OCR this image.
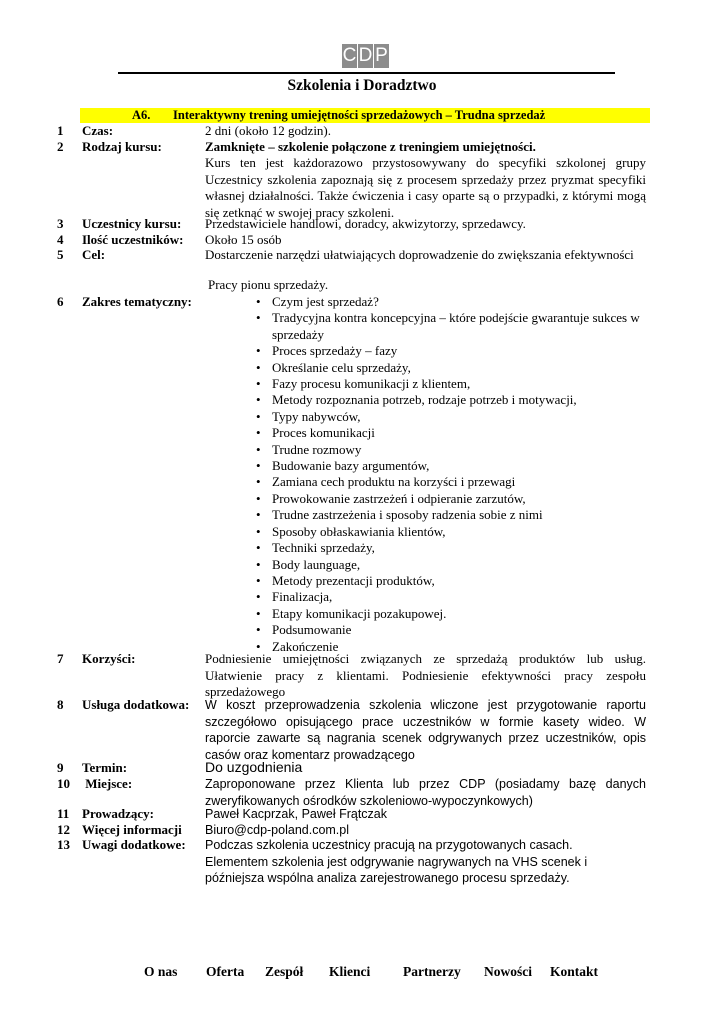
C D P
Szkolenia i Doradztwo
A6. Interaktywny trening umiejętności sprzedażowych – Trudna sprzedaż
1 Czas:	2 dni (około 12 godzin).
2 Rodzaj kursu:	Zamknięte – szkolenie połączone z treningiem umiejętności.
Kurs ten jest każdorazowo przystosowywany do specyfiki szkolonej grupy Uczestnicy szkolenia zapoznają się z procesem sprzedaży przez pryzmat specyfiki własnej działalności. Także ćwiczenia i casy oparte są o przypadki, z którymi mogą się zetknąć w swojej pracy szkoleni.
3 Uczestnicy kursu: Przedstawiciele handlowi, doradcy, akwizytorzy, sprzedawcy.
4 Ilość uczestników: Około 15 osób
5 Cel:	Dostarczenie narzędzi ułatwiających doprowadzenie do zwiększania efektywności
Pracy pionu sprzedaży.
6 Zakres tematyczny:	• Czym jest sprzedaż?
• Tradycyjna kontra koncepcyjna – które podejście gwarantuje sukces w sprzedaży
• Proces sprzedaży – fazy
• Określanie celu sprzedaży,
• Fazy procesu komunikacji z klientem,
• Metody rozpoznania potrzeb, rodzaje potrzeb i motywacji,
• Typy nabywców,
• Proces komunikacji
• Trudne rozmowy
• Budowanie bazy argumentów,
• Zamiana cech produktu na korzyści i przewagi
• Prowokowanie zastrzeżeń i odpieranie zarzutów,
• Trudne zastrzeżenia i sposoby radzenia sobie z nimi
• Sposoby obłaskawiania klientów,
• Techniki sprzedaży,
• Body launguage,
• Metody prezentacji produktów,
• Finalizacja,
• Etapy komunikacji pozakupowej.
• Podsumowanie
• Zakończenie
7 Korzyści:	Podniesienie umiejętności związanych ze sprzedażą produktów lub usług. Ułatwienie pracy z klientami. Podniesienie efektywności pracy zespołu sprzedażowego
8 Usługa dodatkowa: W koszt przeprowadzenia szkolenia wliczone jest przygotowanie raportu szczegółowo opisującego prace uczestników w formie kasety wideo. W raporcie zawarte są nagrania scenek odgrywanych przez uczestników, opis casów oraz komentarz prowadzącego
9 Termin:	Do uzgodnienia
10 Miejsce:	Zaproponowane przez Klienta lub przez CDP (posiadamy bazę danych zweryfikowanych ośrodków szkoleniowo-wypoczynkowych)
11 Prowadzący:	Paweł Kacprzak, Paweł Frątczak
12 Więcej informacji Biuro@cdp-poland.com.pl
13 Uwagi dodatkowe: Podczas szkolenia uczestnicy pracują na przygotowanych casach. Elementem szkolenia jest odgrywanie nagrywanych na VHS scenek i późniejsza wspólna analiza zarejestrowanego procesu sprzedaży.
O nas Oferta Zespół Klienci Partnerzy Nowości Kontakt
